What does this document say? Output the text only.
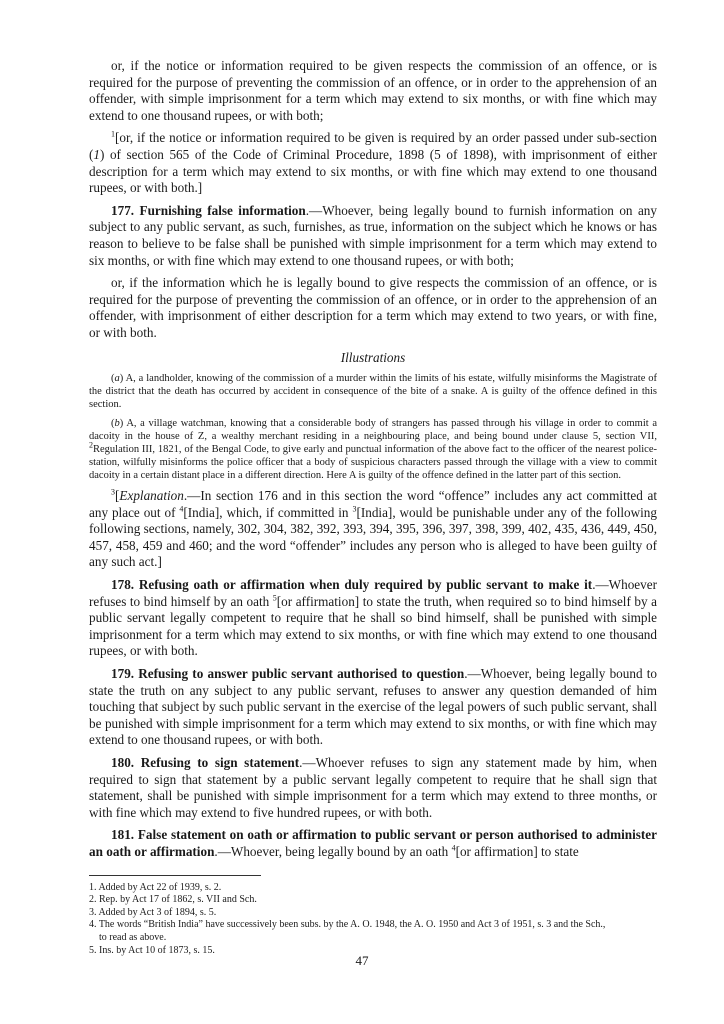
or, if the notice or information required to be given respects the commission of an offence, or is required for the purpose of preventing the commission of an offence, or in order to the apprehension of an offender, with simple imprisonment for a term which may extend to six months, or with fine which may extend to one thousand rupees, or with both;

$^1$[or, if the notice or information required to be given is required by an order passed under sub-section (1) of section 565 of the Code of Criminal Procedure, 1898 (5 of 1898), with imprisonment of either description for a term which may extend to six months, or with fine which may extend to one thousand rupees, or with both.]

177. Furnishing false information.—Whoever, being legally bound to furnish information on any subject to any public servant, as such, furnishes, as true, information on the subject which he knows or has reason to believe to be false shall be punished with simple imprisonment for a term which may extend to six months, or with fine which may extend to one thousand rupees, or with both;

or, if the information which he is legally bound to give respects the commission of an offence, or is required for the purpose of preventing the commission of an offence, or in order to the apprehension of an offender, with imprisonment of either description for a term which may extend to two years, or with fine, or with both.

Illustrations

(a) A, a landholder, knowing of the commission of a murder within the limits of his estate, wilfully misinforms the Magistrate of the district that the death has occurred by accident in consequence of the bite of a snake. A is guilty of the offence defined in this section.

(b) A, a village watchman, knowing that a considerable body of strangers has passed through his village in order to commit a dacoity in the house of Z, a wealthy merchant residing in a neighbouring place, and being bound under clause 5, section VII, $^2$Regulation III, 1821, of the Bengal Code, to give early and punctual information of the above fact to the officer of the nearest police-station, wilfully misinforms the police officer that a body of suspicious characters passed through the village with a view to commit dacoity in a certain distant place in a different direction. Here A is guilty of the offence defined in the latter part of this section.

$^3$[Explanation.—In section 176 and in this section the word “offence” includes any act committed at any place out of $^4$[India], which, if committed in $^3$[India], would be punishable under any of the following following sections, namely, 302, 304, 382, 392, 393, 394, 395, 396, 397, 398, 399, 402, 435, 436, 449, 450, 457, 458, 459 and 460; and the word “offender” includes any person who is alleged to have been guilty of any such act.]

178. Refusing oath or affirmation when duly required by public servant to make it.—Whoever refuses to bind himself by an oath $^5$[or affirmation] to state the truth, when required so to bind himself by a public servant legally competent to require that he shall so bind himself, shall be punished with simple imprisonment for a term which may extend to six months, or with fine which may extend to one thousand rupees, or with both.

179. Refusing to answer public servant authorised to question.—Whoever, being legally bound to state the truth on any subject to any public servant, refuses to answer any question demanded of him touching that subject by such public servant in the exercise of the legal powers of such public servant, shall be punished with simple imprisonment for a term which may extend to six months, or with fine which may extend to one thousand rupees, or with both.

180. Refusing to sign statement.—Whoever refuses to sign any statement made by him, when required to sign that statement by a public servant legally competent to require that he shall sign that statement, shall be punished with simple imprisonment for a term which may extend to three months, or with fine which may extend to five hundred rupees, or with both.

181. False statement on oath or affirmation to public servant or person authorised to administer an oath or affirmation.—Whoever, being legally bound by an oath $^4$[or affirmation] to state

1. Added by Act 22 of 1939, s. 2.
2. Rep. by Act 17 of 1862, s. VII and Sch.
3. Added by Act 3 of 1894, s. 5.
4. The words “British India” have successively been subs. by the A. O. 1948, the A. O. 1950 and Act 3 of 1951, s. 3 and the Sch.,
to read as above.
5. Ins. by Act 10 of 1873, s. 15.
47
